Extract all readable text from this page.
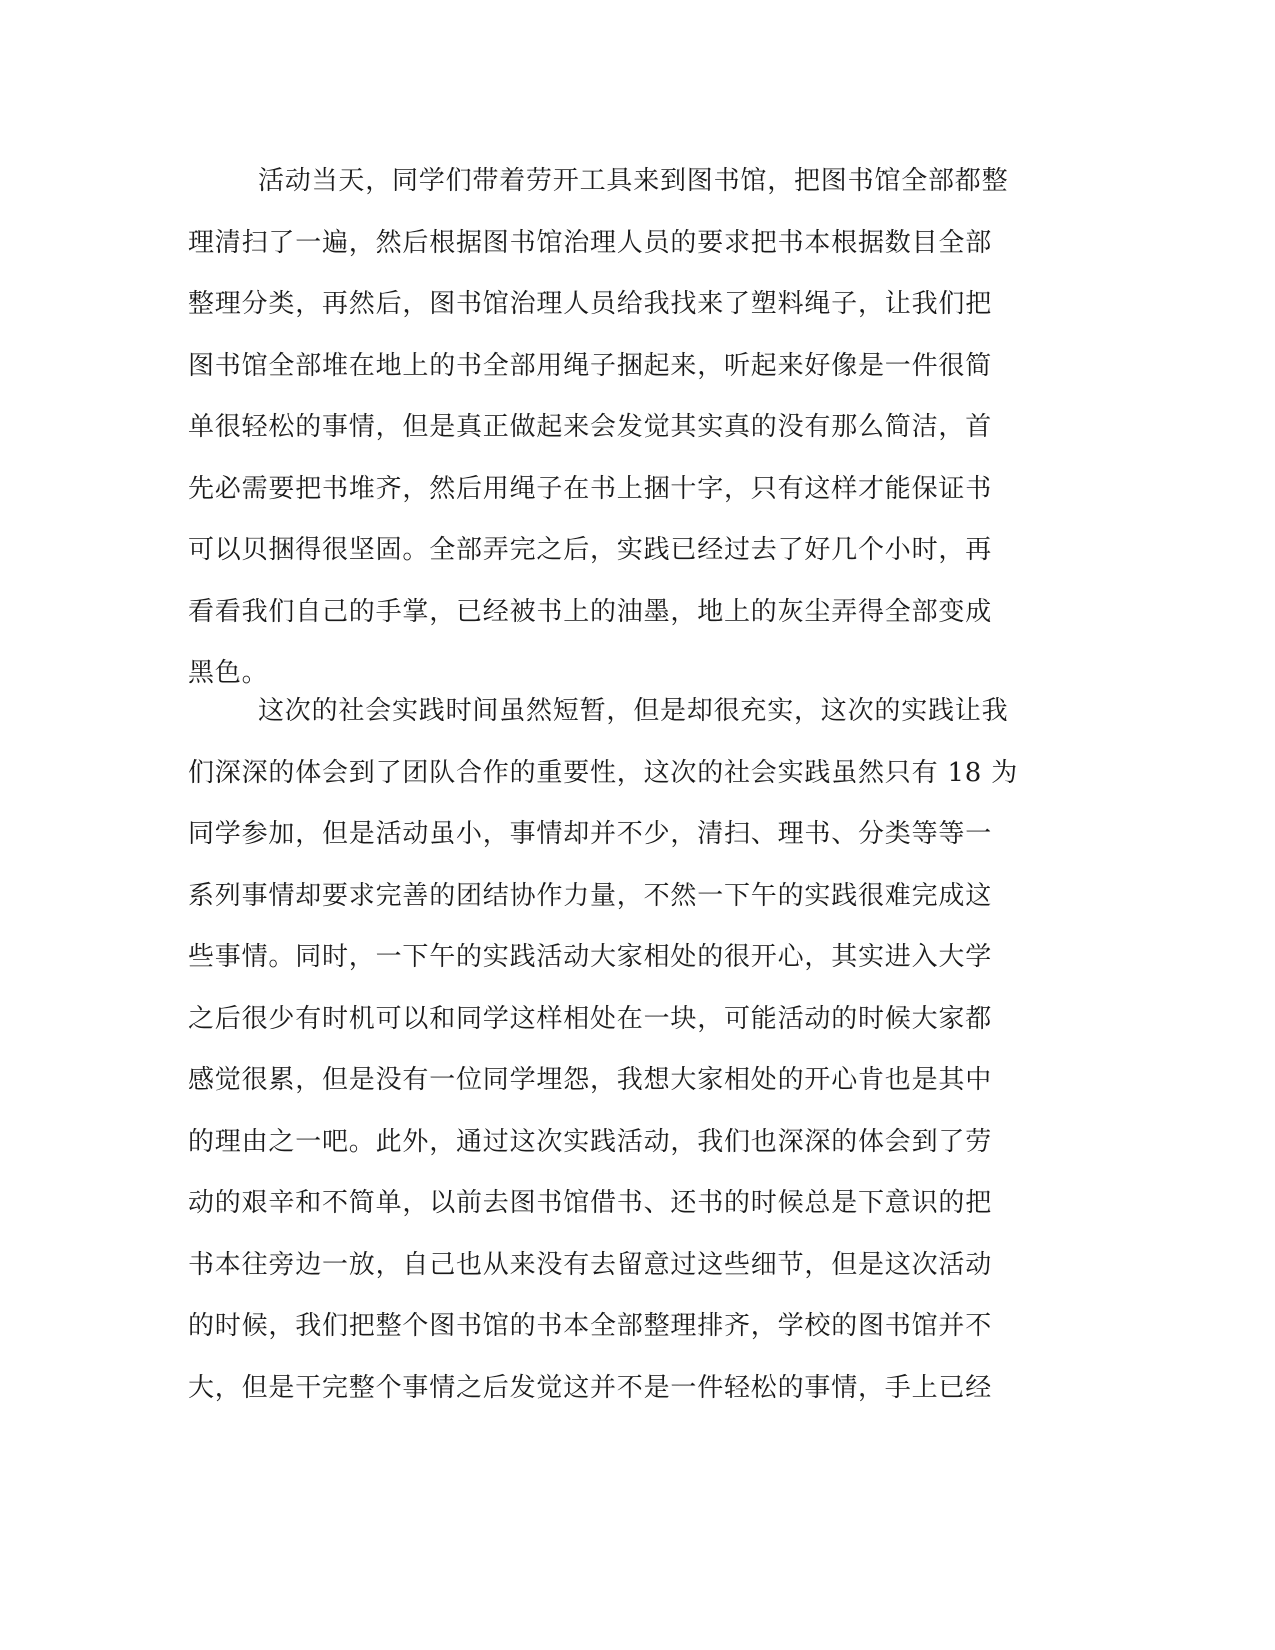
活动当天，同学们带着劳开工具来到图书馆，把图书馆全部都整
理清扫了一遍，然后根据图书馆治理人员的要求把书本根据数目全部
整理分类，再然后，图书馆治理人员给我找来了塑料绳子，让我们把
图书馆全部堆在地上的书全部用绳子捆起来，听起来好像是一件很简
单很轻松的事情，但是真正做起来会发觉其实真的没有那么简洁，首
先必需要把书堆齐，然后用绳子在书上捆十字，只有这样才能保证书
可以贝捆得很坚固。全部弄完之后，实践已经过去了好几个小时，再
看看我们自己的手掌，已经被书上的油墨，地上的灰尘弄得全部变成
黑色。
这次的社会实践时间虽然短暂，但是却很充实，这次的实践让我
们深深的体会到了团队合作的重要性，这次的社会实践虽然只有 18 为
同学参加，但是活动虽小，事情却并不少，清扫、理书、分类等等一
系列事情却要求完善的团结协作力量，不然一下午的实践很难完成这
些事情。同时，一下午的实践活动大家相处的很开心，其实进入大学
之后很少有时机可以和同学这样相处在一块，可能活动的时候大家都
感觉很累，但是没有一位同学埋怨，我想大家相处的开心肯也是其中
的理由之一吧。此外，通过这次实践活动，我们也深深的体会到了劳
动的艰辛和不简单，以前去图书馆借书、还书的时候总是下意识的把
书本往旁边一放，自己也从来没有去留意过这些细节，但是这次活动
的时候，我们把整个图书馆的书本全部整理排齐，学校的图书馆并不
大，但是干完整个事情之后发觉这并不是一件轻松的事情，手上已经
